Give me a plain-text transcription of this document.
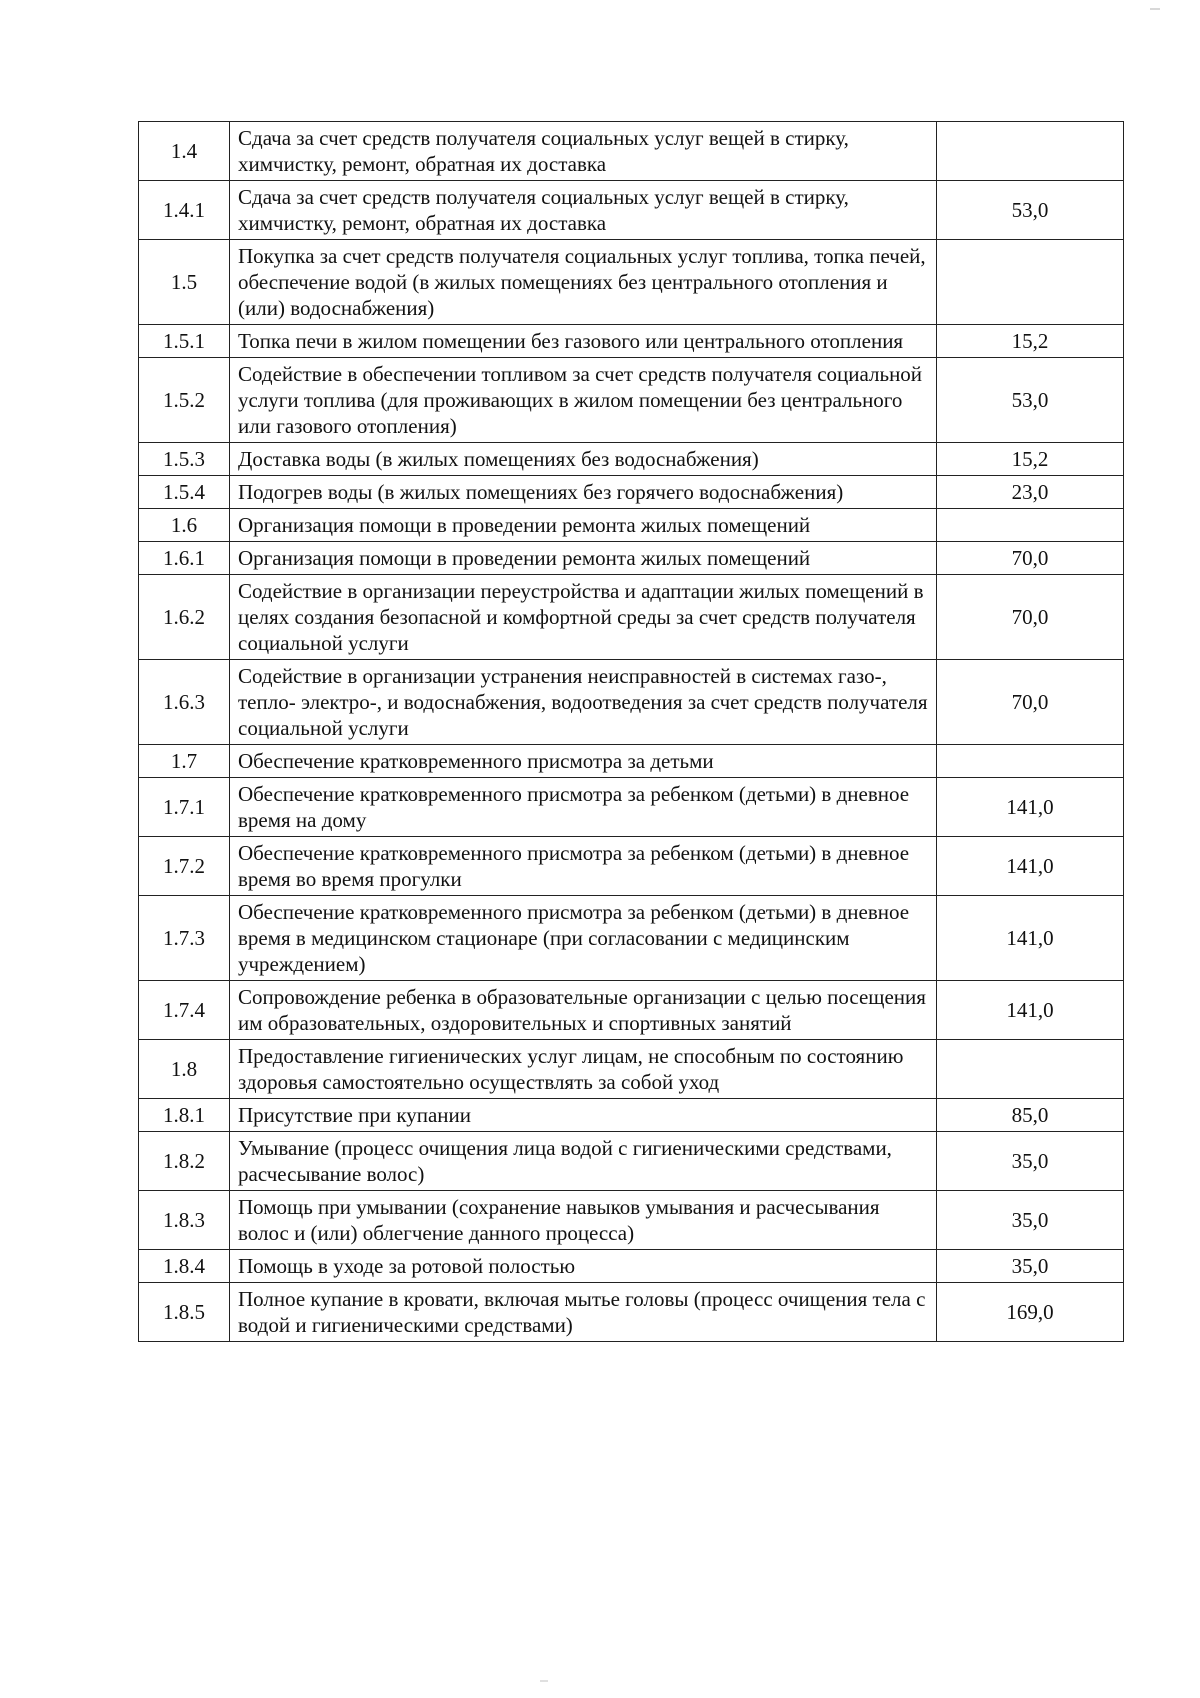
1.4	Сдача за счет средств получателя социальных услуг вещей в стирку, химчистку, ремонт, обратная их доставка	
1.4.1	Сдача за счет средств получателя социальных услуг вещей в стирку, химчистку, ремонт, обратная их доставка	53,0
1.5	Покупка за счет средств получателя социальных услуг топлива, топка печей, обеспечение водой (в жилых помещениях без центрального отопления и (или) водоснабжения)	
1.5.1	Топка печи в жилом помещении без газового или центрального отопления	15,2
1.5.2	Содействие в обеспечении топливом за счет средств получателя социальной услуги топлива (для проживающих в жилом помещении без центрального или газового отопления)	53,0
1.5.3	Доставка воды (в жилых помещениях без водоснабжения)	15,2
1.5.4	Подогрев воды (в жилых помещениях без горячего водоснабжения)	23,0
1.6	Организация помощи в проведении ремонта жилых помещений	
1.6.1	Организация помощи в проведении ремонта жилых помещений	70,0
1.6.2	Содействие в организации переустройства и адаптации жилых помещений в целях создания безопасной и комфортной среды за счет средств получателя социальной услуги	70,0
1.6.3	Содействие в организации устранения неисправностей в системах газо-, тепло- электро-, и водоснабжения, водоотведения за счет средств получателя социальной услуги	70,0
1.7	Обеспечение кратковременного присмотра за детьми	
1.7.1	Обеспечение кратковременного присмотра за ребенком (детьми) в дневное время на дому	141,0
1.7.2	Обеспечение кратковременного присмотра за ребенком (детьми) в дневное время во время прогулки	141,0
1.7.3	Обеспечение кратковременного присмотра за ребенком (детьми) в дневное время в медицинском стационаре (при согласовании с медицинским учреждением)	141,0
1.7.4	Сопровождение ребенка в образовательные организации с целью посещения им образовательных, оздоровительных и спортивных занятий	141,0
1.8	Предоставление гигиенических услуг лицам, не способным по состоянию здоровья самостоятельно осуществлять за собой уход	
1.8.1	Присутствие при купании	85,0
1.8.2	Умывание (процесс очищения лица водой с гигиеническими средствами, расчесывание волос)	35,0
1.8.3	Помощь при умывании (сохранение навыков умывания и расчесывания волос и (или) облегчение данного процесса)	35,0
1.8.4	Помощь в уходе за ротовой полостью	35,0
1.8.5	Полное купание в кровати, включая мытье головы (процесс очищения тела с водой и гигиеническими средствами)	169,0
